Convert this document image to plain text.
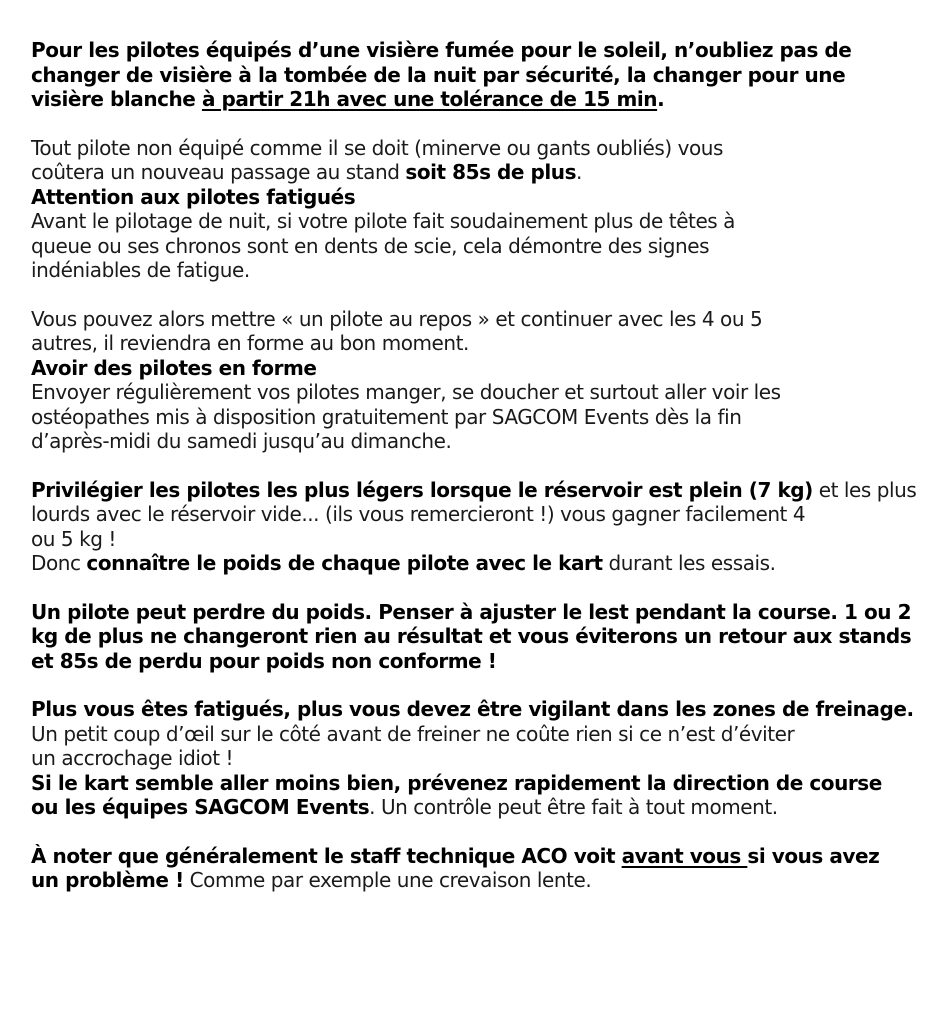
Pour les pilotes équipés d’une visière fumée pour le soleil, n’oubliez pas de
changer de visière à la tombée de la nuit par sécurité, la changer pour une
visière blanche à partir 21h avec une tolérance de 15 min.

Tout pilote non équipé comme il se doit (minerve ou gants oubliés) vous
coûtera un nouveau passage au stand soit 85s de plus.
Attention aux pilotes fatigués
Avant le pilotage de nuit, si votre pilote fait soudainement plus de têtes à
queue ou ses chronos sont en dents de scie, cela démontre des signes
indéniables de fatigue.

Vous pouvez alors mettre « un pilote au repos » et continuer avec les 4 ou 5
autres, il reviendra en forme au bon moment.
Avoir des pilotes en forme
Envoyer régulièrement vos pilotes manger, se doucher et surtout aller voir les
ostéopathes mis à disposition gratuitement par SAGCOM Events dès la fin
d’après-midi du samedi jusqu’au dimanche.

Privilégier les pilotes les plus légers lorsque le réservoir est plein (7 kg) et les plus
lourds avec le réservoir vide... (ils vous remercieront !) vous gagner facilement 4
ou 5 kg !
Donc connaître le poids de chaque pilote avec le kart durant les essais.

Un pilote peut perdre du poids. Penser à ajuster le lest pendant la course. 1 ou 2
kg de plus ne changeront rien au résultat et vous éviterons un retour aux stands
et 85s de perdu pour poids non conforme !

Plus vous êtes fatigués, plus vous devez être vigilant dans les zones de freinage.
Un petit coup d’œil sur le côté avant de freiner ne coûte rien si ce n’est d’éviter
un accrochage idiot !
Si le kart semble aller moins bien, prévenez rapidement la direction de course
ou les équipes SAGCOM Events. Un contrôle peut être fait à tout moment.

À noter que généralement le staff technique ACO voit avant vous si vous avez
un problème ! Comme par exemple une crevaison lente.
